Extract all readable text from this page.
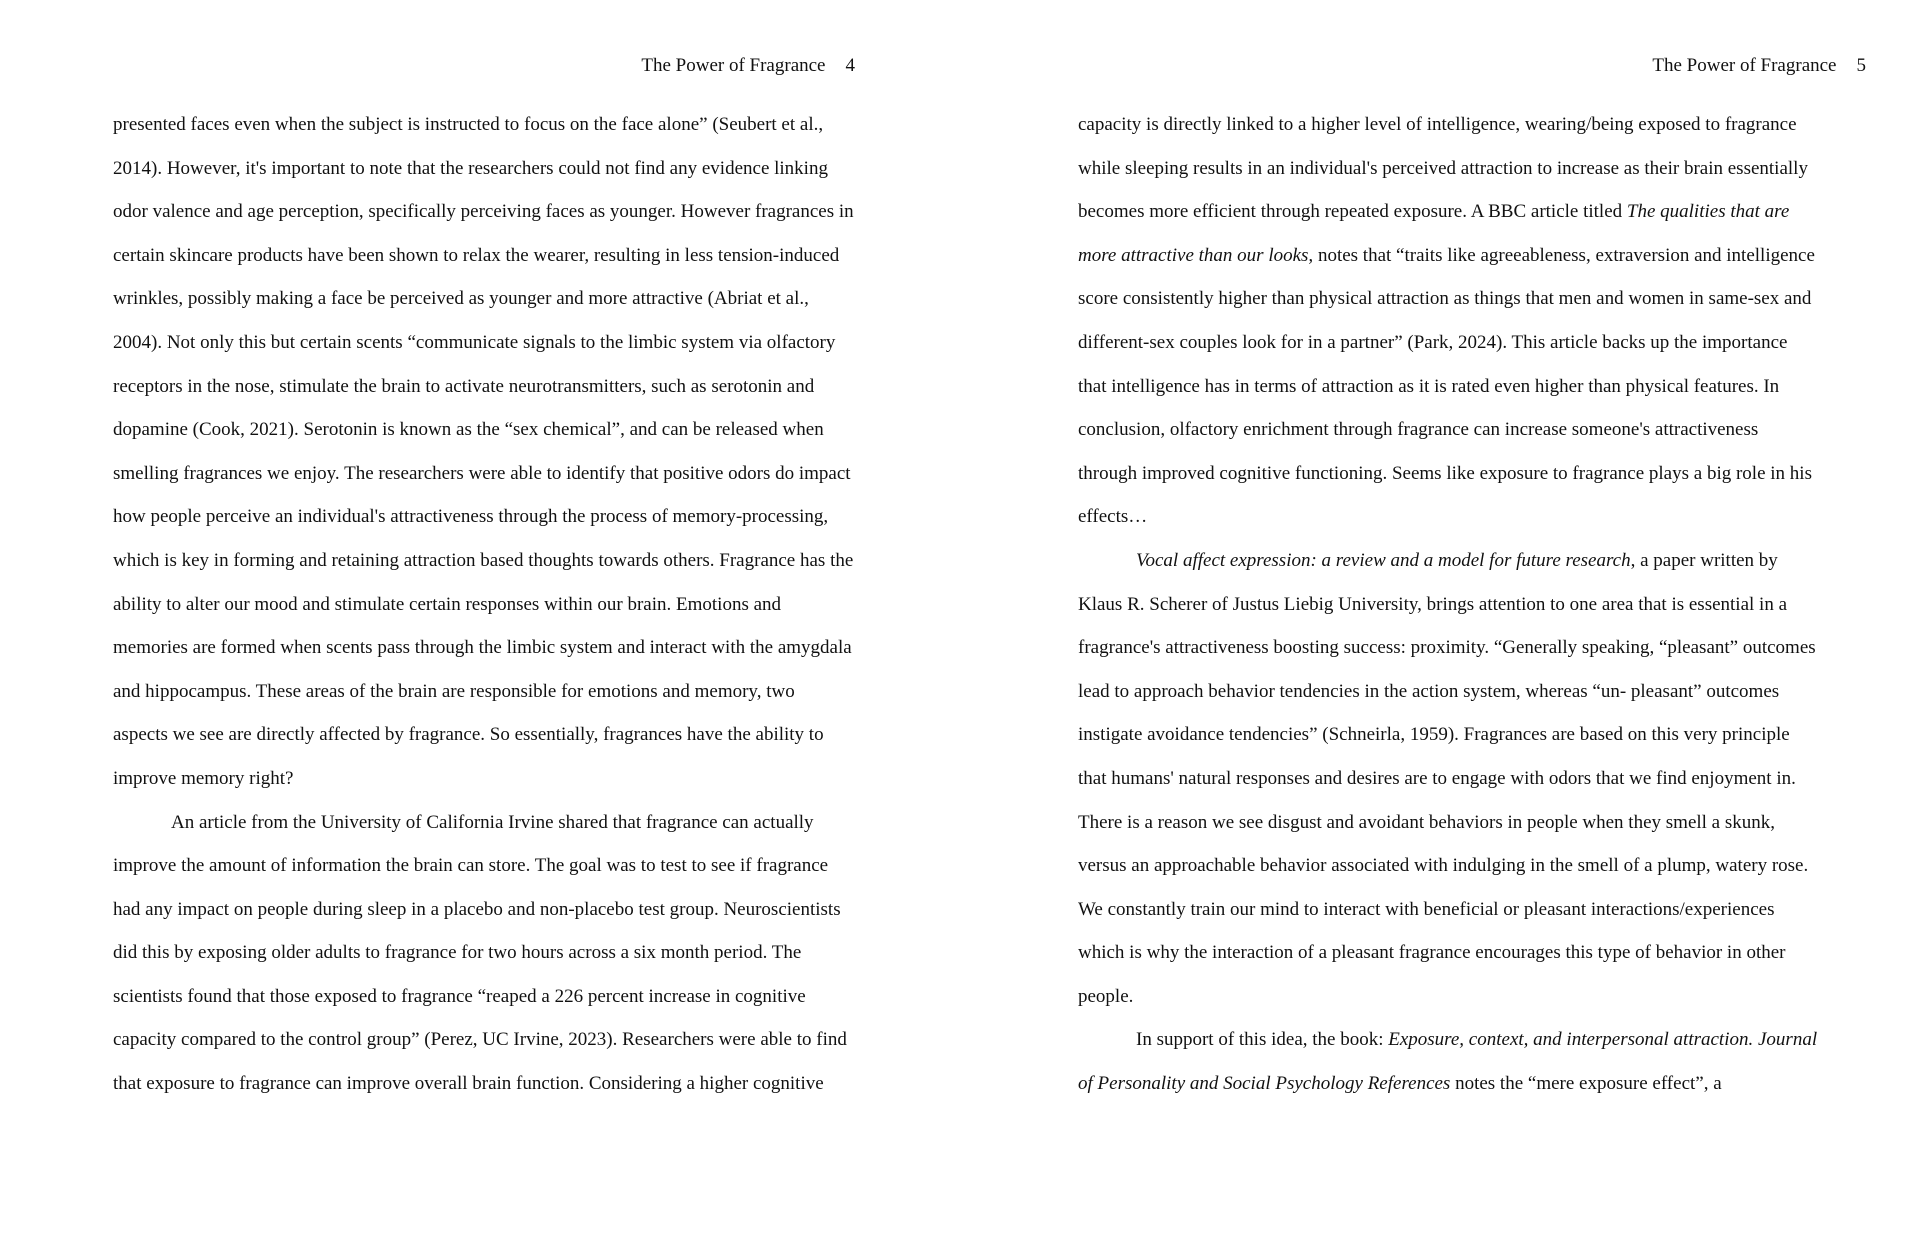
The Power of Fragrance 4
presented faces even when the subject is instructed to focus on the face alone” (Seubert et al.,
2014). However, it's important to note that the researchers could not find any evidence linking
odor valence and age perception, specifically perceiving faces as younger. However fragrances in
certain skincare products have been shown to relax the wearer, resulting in less tension-induced
wrinkles, possibly making a face be perceived as younger and more attractive (Abriat et al.,
2004). Not only this but certain scents “communicate signals to the limbic system via olfactory
receptors in the nose, stimulate the brain to activate neurotransmitters, such as serotonin and
dopamine (Cook, 2021). Serotonin is known as the “sex chemical”, and can be released when
smelling fragrances we enjoy. The researchers were able to identify that positive odors do impact
how people perceive an individual's attractiveness through the process of memory-processing,
which is key in forming and retaining attraction based thoughts towards others. Fragrance has the
ability to alter our mood and stimulate certain responses within our brain. Emotions and
memories are formed when scents pass through the limbic system and interact with the amygdala
and hippocampus. These areas of the brain are responsible for emotions and memory, two
aspects we see are directly affected by fragrance. So essentially, fragrances have the ability to
improve memory right?
An article from the University of California Irvine shared that fragrance can actually
improve the amount of information the brain can store. The goal was to test to see if fragrance
had any impact on people during sleep in a placebo and non-placebo test group. Neuroscientists
did this by exposing older adults to fragrance for two hours across a six month period. The
scientists found that those exposed to fragrance “reaped a 226 percent increase in cognitive
capacity compared to the control group” (Perez, UC Irvine, 2023). Researchers were able to find
that exposure to fragrance can improve overall brain function. Considering a higher cognitive
The Power of Fragrance 5
capacity is directly linked to a higher level of intelligence, wearing/being exposed to fragrance
while sleeping results in an individual's perceived attraction to increase as their brain essentially
becomes more efficient through repeated exposure. A BBC article titled The qualities that are
more attractive than our looks, notes that “traits like agreeableness, extraversion and intelligence
score consistently higher than physical attraction as things that men and women in same-sex and
different-sex couples look for in a partner” (Park, 2024). This article backs up the importance
that intelligence has in terms of attraction as it is rated even higher than physical features. In
conclusion, olfactory enrichment through fragrance can increase someone's attractiveness
through improved cognitive functioning. Seems like exposure to fragrance plays a big role in his
effects…
Vocal affect expression: a review and a model for future research, a paper written by
Klaus R. Scherer of Justus Liebig University, brings attention to one area that is essential in a
fragrance's attractiveness boosting success: proximity. “Generally speaking, “pleasant” outcomes
lead to approach behavior tendencies in the action system, whereas “un- pleasant” outcomes
instigate avoidance tendencies” (Schneirla, 1959). Fragrances are based on this very principle
that humans' natural responses and desires are to engage with odors that we find enjoyment in.
There is a reason we see disgust and avoidant behaviors in people when they smell a skunk,
versus an approachable behavior associated with indulging in the smell of a plump, watery rose.
We constantly train our mind to interact with beneficial or pleasant interactions/experiences
which is why the interaction of a pleasant fragrance encourages this type of behavior in other
people.
In support of this idea, the book: Exposure, context, and interpersonal attraction. Journal
of Personality and Social Psychology References notes the “mere exposure effect”, a
